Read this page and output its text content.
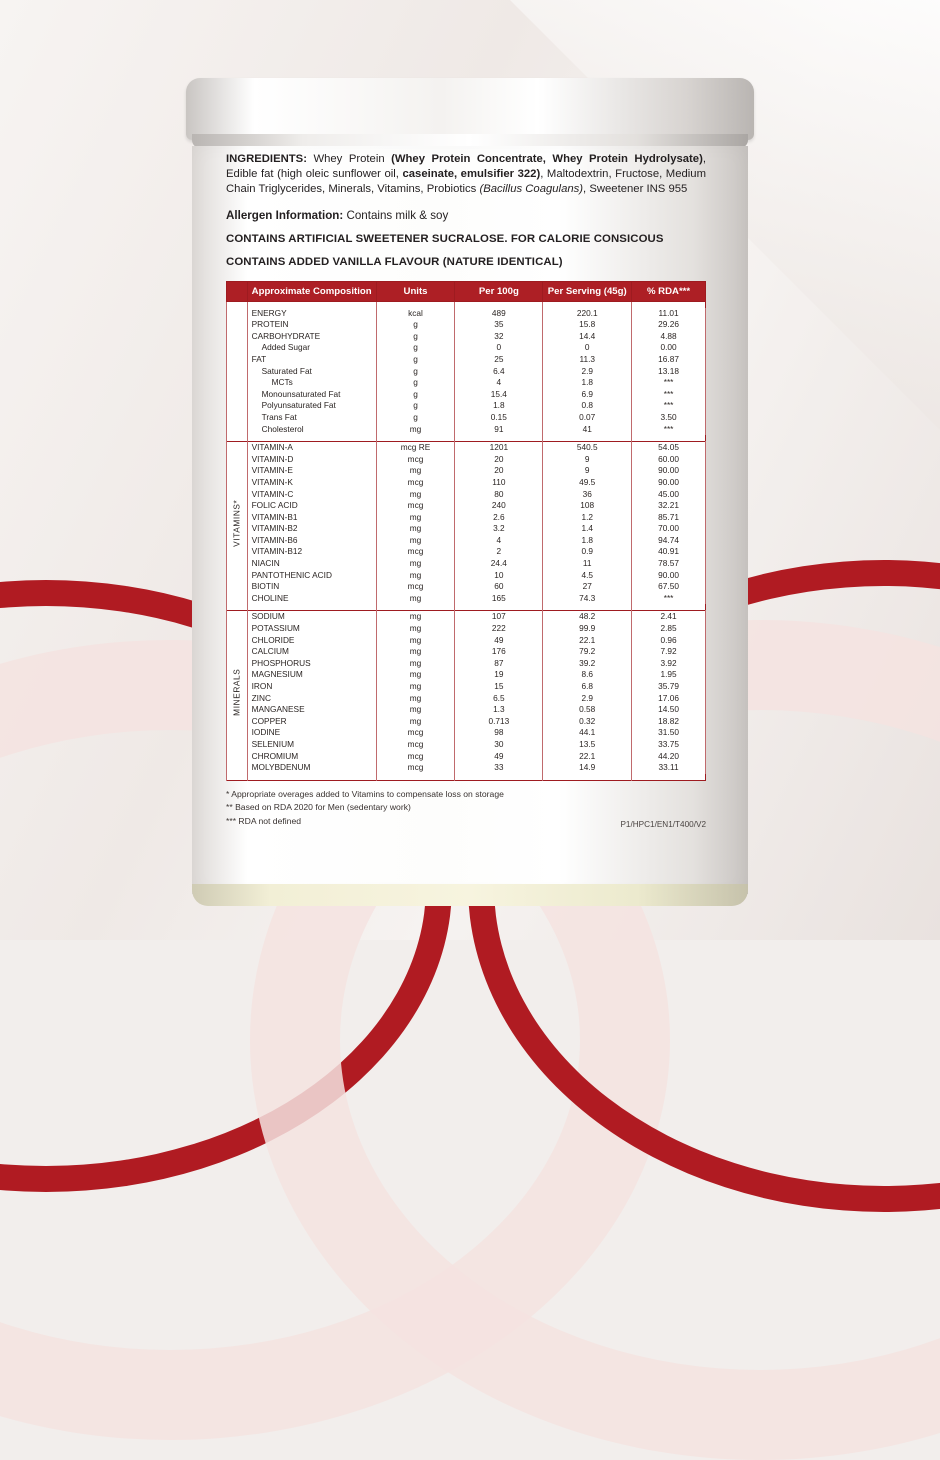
INGREDIENTS: Whey Protein (Whey Protein Concentrate, Whey Protein Hydrolysate), Edible fat (high oleic sunflower oil, caseinate, emulsifier 322), Maltodextrin, Fructose, Medium Chain Triglycerides, Minerals, Vitamins, Probiotics (Bacillus Coagulans), Sweetener INS 955
Allergen Information: Contains milk & soy
CONTAINS ARTIFICIAL SWEETENER SUCRALOSE. FOR CALORIE CONSICOUS
CONTAINS ADDED VANILLA FLAVOUR (NATURE IDENTICAL)
	Approximate Composition	Units	Per 100g	Per Serving (45g)	% RDA***

	ENERGY	kcal	489	220.1	11.01
	PROTEIN	g	35	15.8	29.26
	CARBOHYDRATE	g	32	14.4	4.88
	Added Sugar	g	0	0	0.00
	FAT	g	25	11.3	16.87
	Saturated Fat	g	6.4	2.9	13.18
	MCTs	g	4	1.8	***
	Monounsaturated Fat	g	15.4	6.9	***
	Polyunsaturated Fat	g	1.8	0.8	***
	Trans Fat	g	0.15	0.07	3.50
	Cholesterol	mg	91	41	***

VITAMINS*	VITAMIN-A	mcg RE	1201	540.5	54.05
	VITAMIN-D	mcg	20	9	60.00
	VITAMIN-E	mg	20	9	90.00
	VITAMIN-K	mcg	110	49.5	90.00
	VITAMIN-C	mg	80	36	45.00
	FOLIC ACID	mcg	240	108	32.21
	VITAMIN-B1	mg	2.6	1.2	85.71
	VITAMIN-B2	mg	3.2	1.4	70.00
	VITAMIN-B6	mg	4	1.8	94.74
	VITAMIN-B12	mcg	2	0.9	40.91
	NIACIN	mg	24.4	11	78.57
	PANTOTHENIC ACID	mg	10	4.5	90.00
	BIOTIN	mcg	60	27	67.50
	CHOLINE	mg	165	74.3	***

MINERALS	SODIUM	mg	107	48.2	2.41
	POTASSIUM	mg	222	99.9	2.85
	CHLORIDE	mg	49	22.1	0.96
	CALCIUM	mg	176	79.2	7.92
	PHOSPHORUS	mg	87	39.2	3.92
	MAGNESIUM	mg	19	8.6	1.95
	IRON	mg	15	6.8	35.79
	ZINC	mg	6.5	2.9	17.06
	MANGANESE	mg	1.3	0.58	14.50
	COPPER	mg	0.713	0.32	18.82
	IODINE	mcg	98	44.1	31.50
	SELENIUM	mcg	30	13.5	33.75
	CHROMIUM	mcg	49	22.1	44.20
	MOLYBDENUM	mcg	33	14.9	33.11

* Appropriate overages added to Vitamins to compensate loss on storage
** Based on RDA 2020 for Men (sedentary work)
*** RDA not defined	P1/HPC1/EN1/T400/V2
